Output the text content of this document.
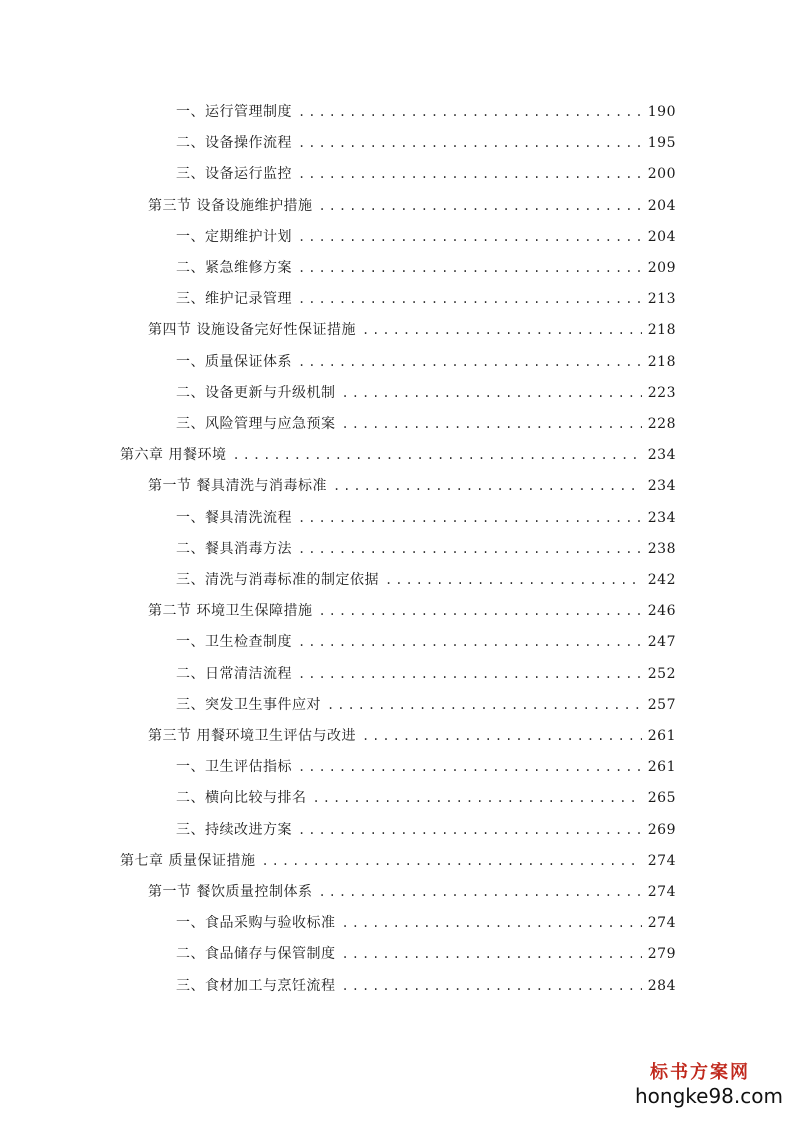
一、运行管理制度 .....	190
二、设备操作流程 .....	195
三、设备运行监控 .....	200
第三节 设备设施维护措施 .....	204
一、定期维护计划 .....	204
二、紧急维修方案 .....	209
三、维护记录管理 .....	213
第四节 设施设备完好性保证措施 .....	218
一、质量保证体系 .....	218
二、设备更新与升级机制 .....	223
三、风险管理与应急预案 .....	228
第六章 用餐环境 .....	234
第一节 餐具清洗与消毒标准 .....	234
一、餐具清洗流程 .....	234
二、餐具消毒方法 .....	238
三、清洗与消毒标准的制定依据 .....	242
第二节 环境卫生保障措施 .....	246
一、卫生检查制度 .....	247
二、日常清洁流程 .....	252
三、突发卫生事件应对 .....	257
第三节 用餐环境卫生评估与改进 .....	261
一、卫生评估指标 .....	261
二、横向比较与排名 .....	265
三、持续改进方案 .....	269
第七章 质量保证措施 .....	274
第一节 餐饮质量控制体系 .....	274
一、食品采购与验收标准 .....	274
二、食品储存与保管制度 .....	279
三、食材加工与烹饪流程 .....	284
标书方案网
hongke98.com
